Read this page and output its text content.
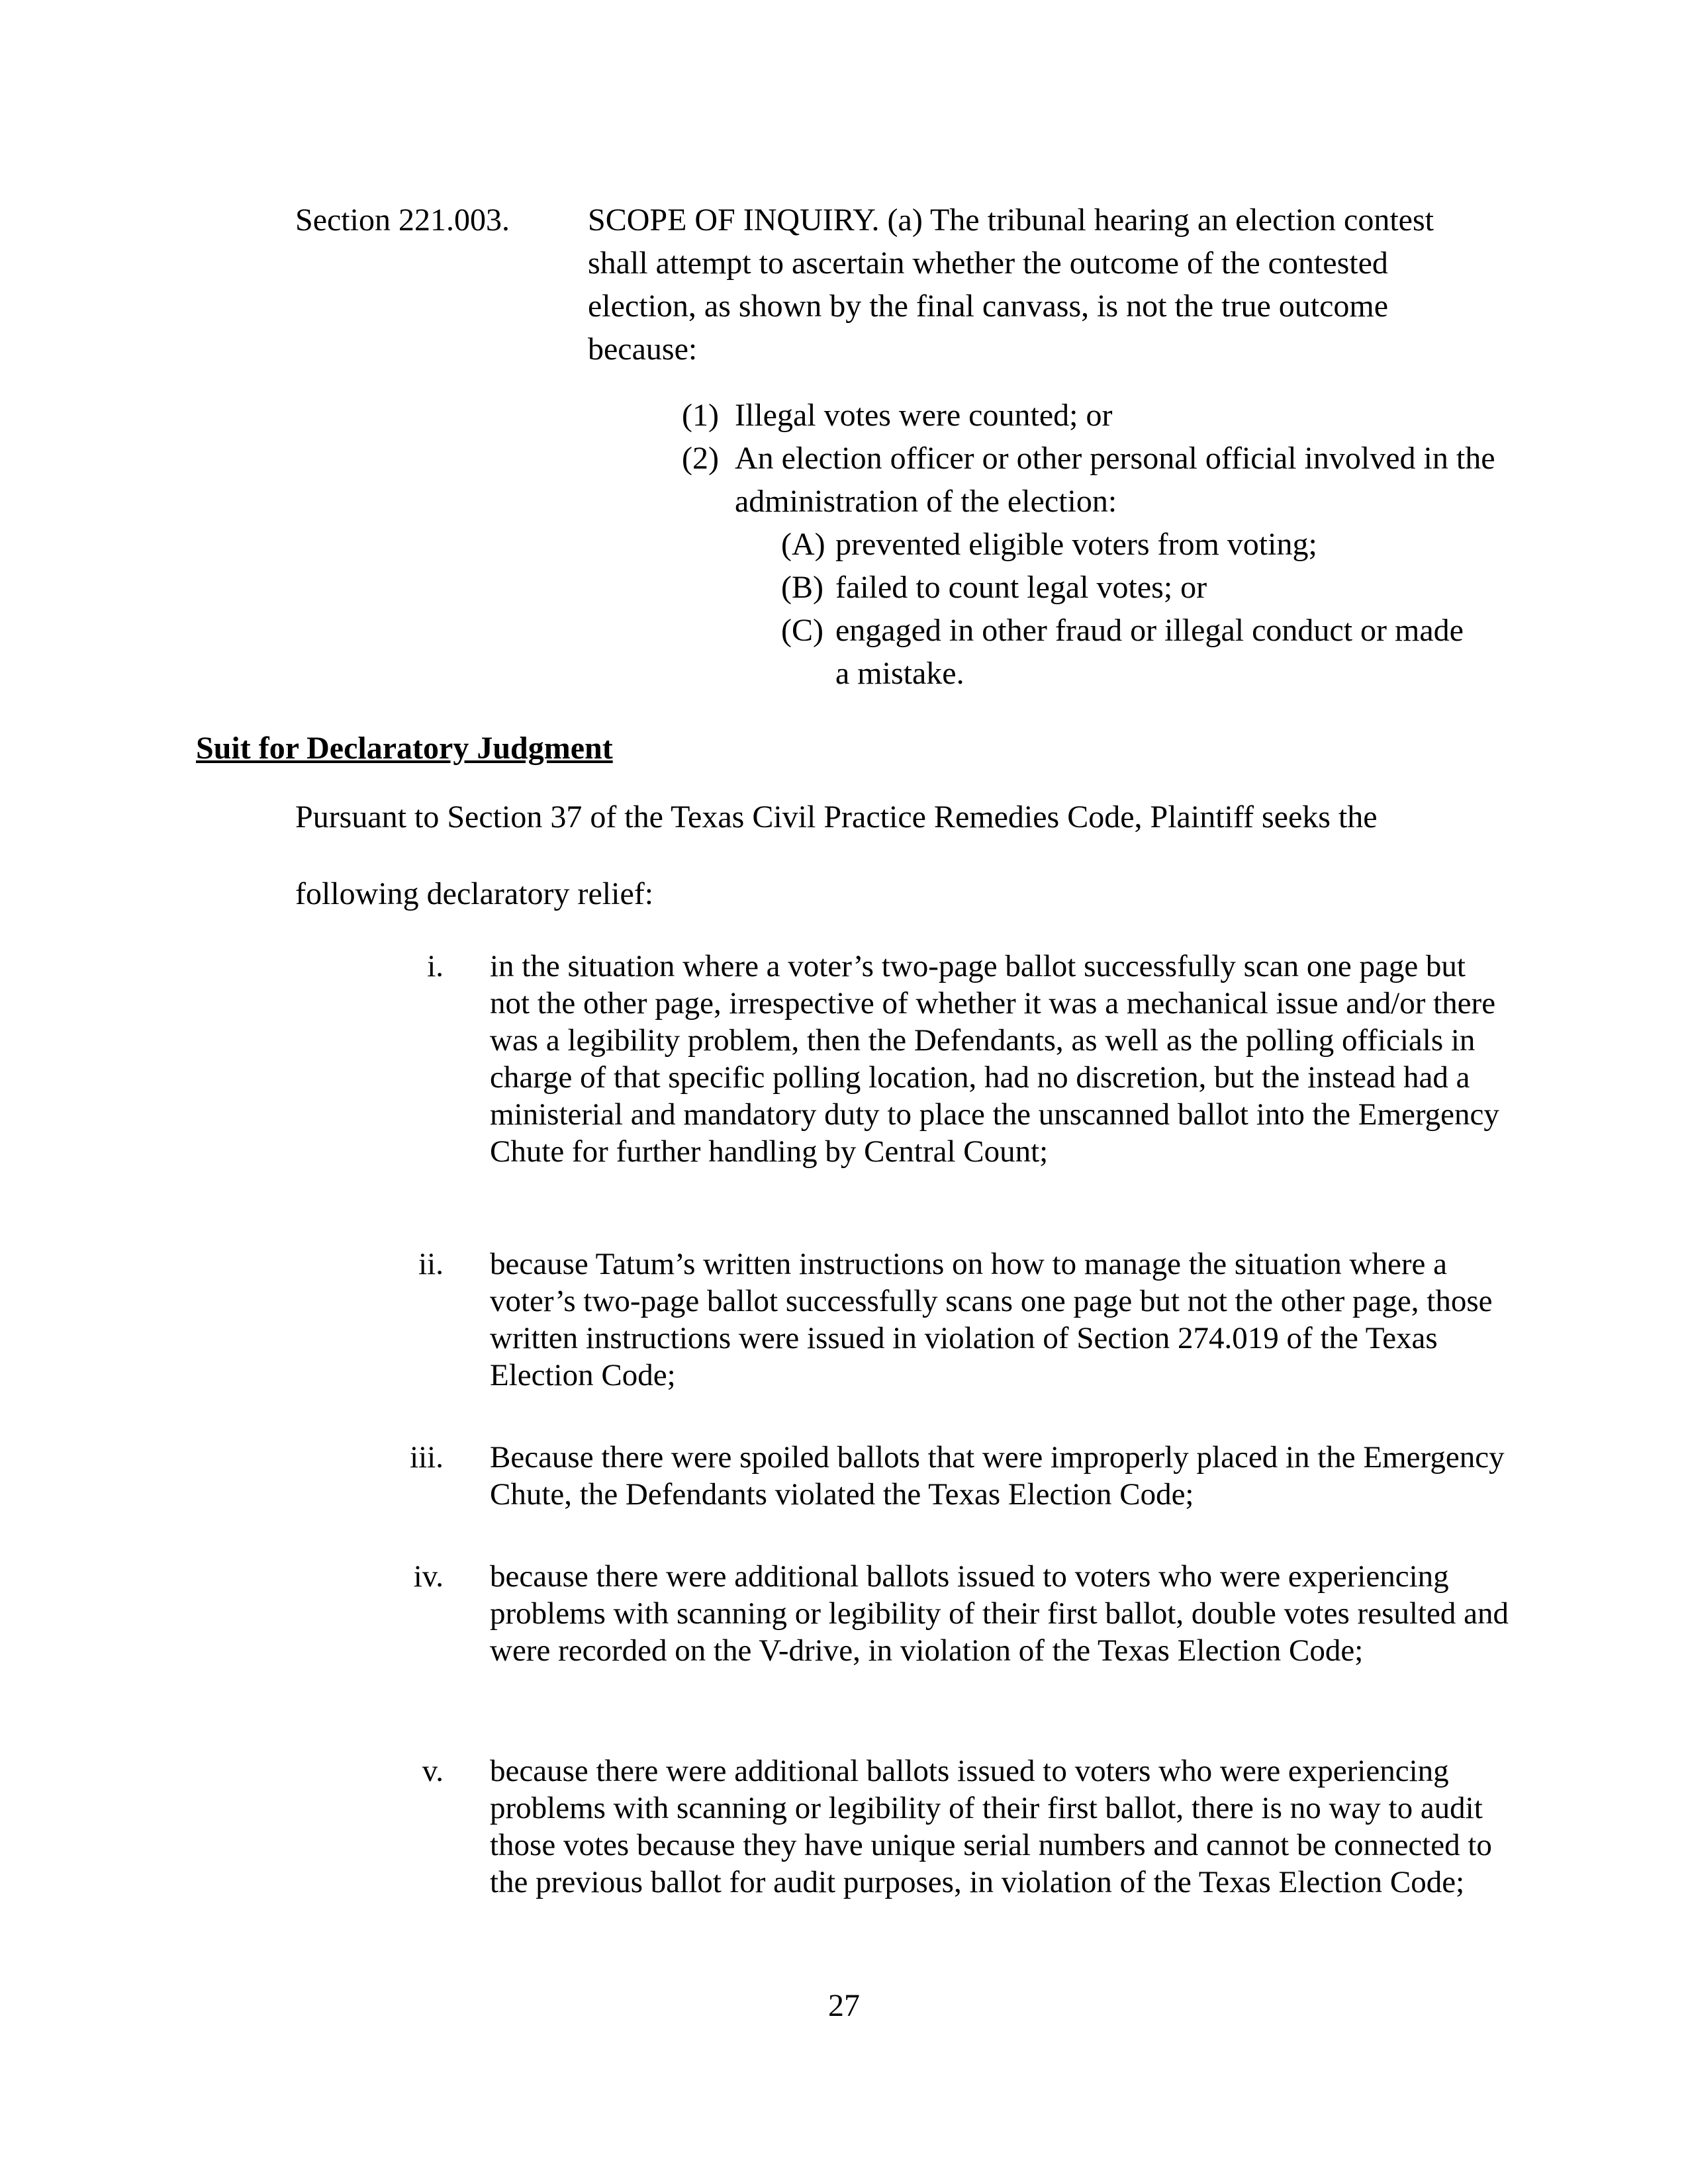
Section 221.003. SCOPE OF INQUIRY. (a) The tribunal hearing an election contest shall attempt to ascertain whether the outcome of the contested election, as shown by the final canvass, is not the true outcome because:
(1) Illegal votes were counted; or
(2) An election officer or other personal official involved in the administration of the election:
(A) prevented eligible voters from voting;
(B) failed to count legal votes; or
(C) engaged in other fraud or illegal conduct or made a mistake.
Suit for Declaratory Judgment
Pursuant to Section 37 of the Texas Civil Practice Remedies Code, Plaintiff seeks the
following declaratory relief:
i. in the situation where a voter’s two-page ballot successfully scan one page but not the other page, irrespective of whether it was a mechanical issue and/or there was a legibility problem, then the Defendants, as well as the polling officials in charge of that specific polling location, had no discretion, but the instead had a ministerial and mandatory duty to place the unscanned ballot into the Emergency Chute for further handling by Central Count;
ii. because Tatum’s written instructions on how to manage the situation where a voter’s two-page ballot successfully scans one page but not the other page, those written instructions were issued in violation of Section 274.019 of the Texas Election Code;
iii. Because there were spoiled ballots that were improperly placed in the Emergency Chute, the Defendants violated the Texas Election Code;
iv. because there were additional ballots issued to voters who were experiencing problems with scanning or legibility of their first ballot, double votes resulted and were recorded on the V-drive, in violation of the Texas Election Code;
v. because there were additional ballots issued to voters who were experiencing problems with scanning or legibility of their first ballot, there is no way to audit those votes because they have unique serial numbers and cannot be connected to the previous ballot for audit purposes, in violation of the Texas Election Code;
27
